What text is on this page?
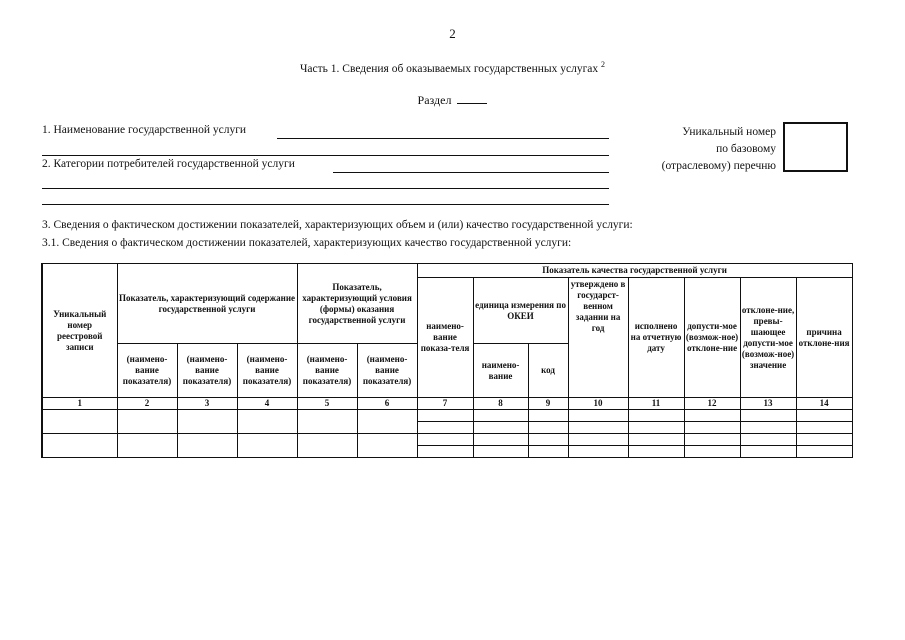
2
Часть 1. Сведения об оказываемых государственных услугах $^2$
Раздел
1. Наименование государственной услуги
2. Категории потребителей государственной услуги
Уникальный номер
по базовому
(отраслевому) перечню
3. Сведения о фактическом достижении показателей, характеризующих объем и (или) качество государственной услуги:
3.1. Сведения о фактическом достижении показателей, характеризующих качество государственной услуги:
Уникальный номер реестровой записи	Показатель, характеризующий содержание государственной услуги			Показатель, характеризующий условия (формы) оказания государственной услуги		Показатель качества государственной услуги							
						наимено-вание показа-теля	единица измерения по ОКЕИ		утверждено в государст-венном задании на год	исполнено на отчетную дату	допусти-мое (возмож-ное) отклоне-ние	отклоне-ние, превы-шающее допусти-мое (возмож-ное) значение	причина отклоне-ния
	(наимено-вание показателя)	(наимено-вание показателя)	(наимено-вание показателя)	(наимено-вание показателя)	(наимено-вание показателя)		наимено-вание	код					
1	2	3	4	5	6	7	8	9	10	11	12	13	14
